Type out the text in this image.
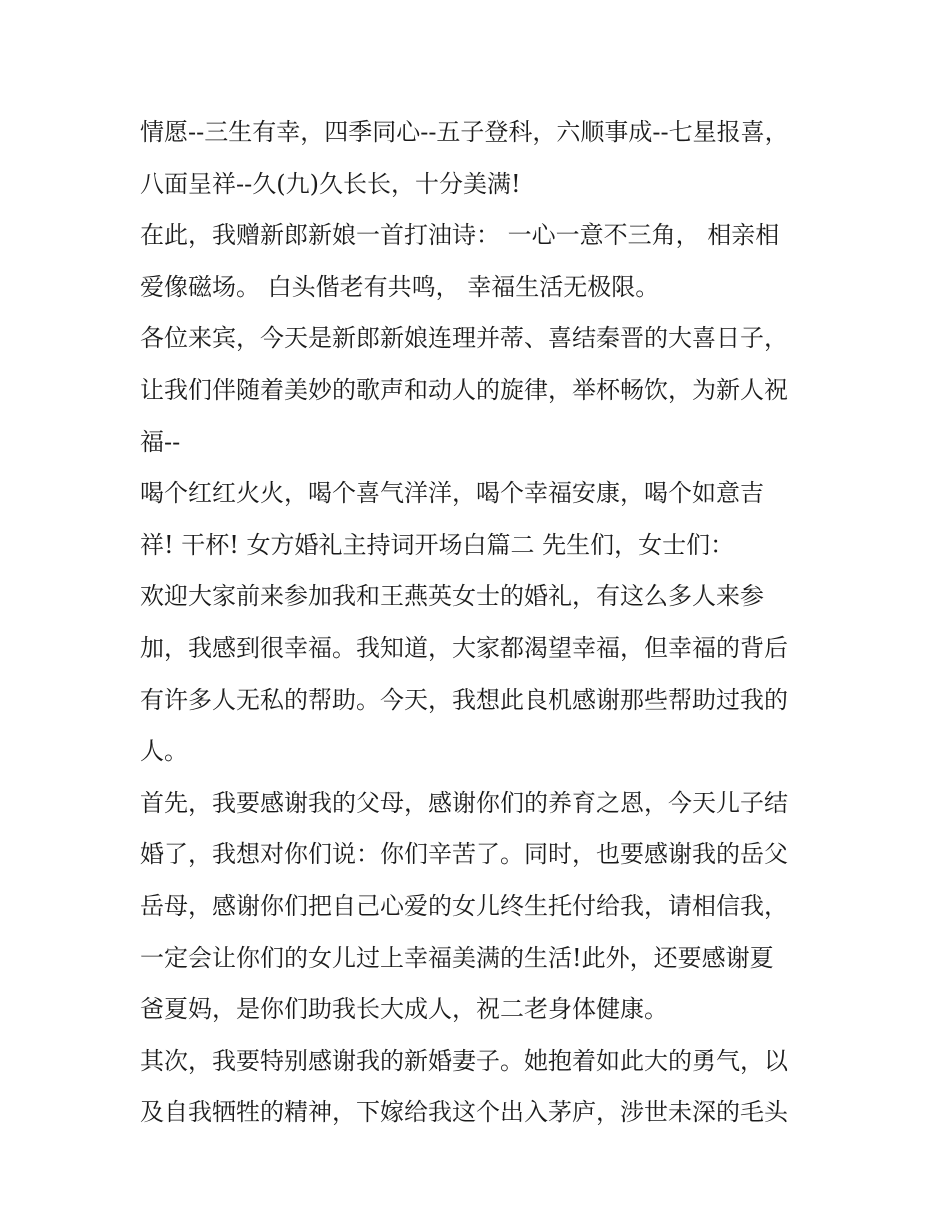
情愿--三生有幸，四季同心--五子登科，六顺事成--七星报喜，
八面呈祥--久(九)久长长，十分美满!
在此，我赠新郎新娘一首打油诗： 一心一意不三角， 相亲相
爱像磁场。 白头偕老有共鸣， 幸福生活无极限。
各位来宾，今天是新郎新娘连理并蒂、喜结秦晋的大喜日子，
让我们伴随着美妙的歌声和动人的旋律，举杯畅饮，为新人祝
福--
喝个红红火火，喝个喜气洋洋，喝个幸福安康，喝个如意吉
祥! 干杯! 女方婚礼主持词开场白篇二 先生们，女士们：
欢迎大家前来参加我和王燕英女士的婚礼，有这么多人来参
加，我感到很幸福。我知道，大家都渴望幸福，但幸福的背后
有许多人无私的帮助。今天，我想此良机感谢那些帮助过我的
人。
首先，我要感谢我的父母，感谢你们的养育之恩，今天儿子结
婚了，我想对你们说：你们辛苦了。同时，也要感谢我的岳父
岳母，感谢你们把自己心爱的女儿终生托付给我，请相信我，
一定会让你们的女儿过上幸福美满的生活!此外，还要感谢夏
爸夏妈，是你们助我长大成人，祝二老身体健康。
其次，我要特别感谢我的新婚妻子。她抱着如此大的勇气，以
及自我牺牲的精神，下嫁给我这个出入茅庐，涉世未深的毛头
